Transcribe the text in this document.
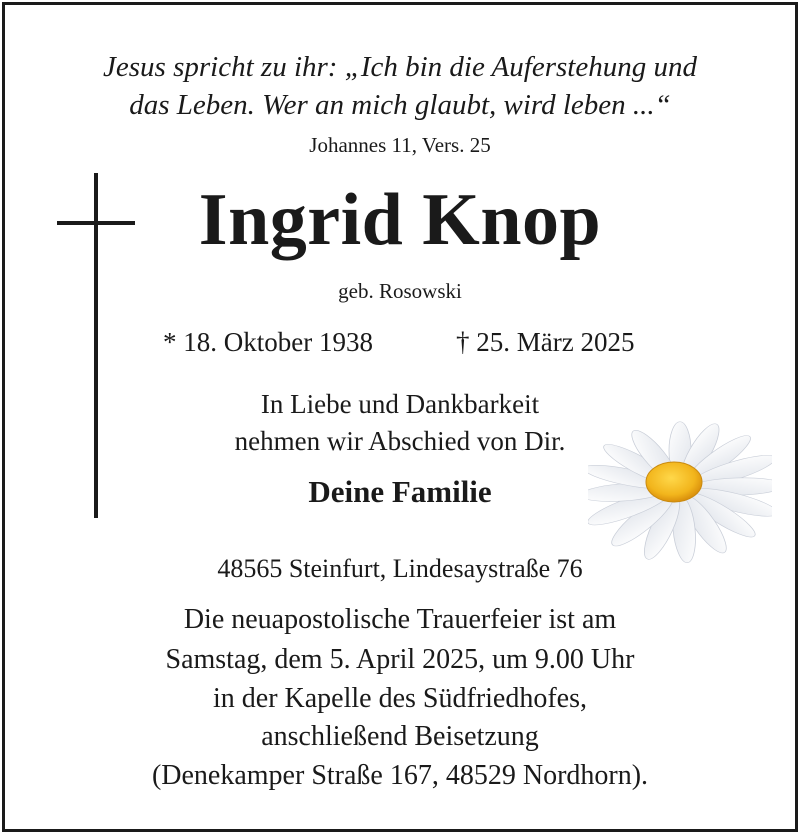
Jesus spricht zu ihr: „Ich bin die Auferstehung und
das Leben. Wer an mich glaubt, wird leben ...“
Johannes 11, Vers. 25
Ingrid Knop
geb. Rosowski
* 18. Oktober 1938	† 25. März 2025
In Liebe und Dankbarkeit
nehmen wir Abschied von Dir.
Deine Familie
48565 Steinfurt, Lindesaystraße 76
Die neuapostolische Trauerfeier ist am
Samstag, dem 5. April 2025, um 9.00 Uhr
in der Kapelle des Südfriedhofes,
anschließend Beisetzung
(Denekamper Straße 167, 48529 Nordhorn).
